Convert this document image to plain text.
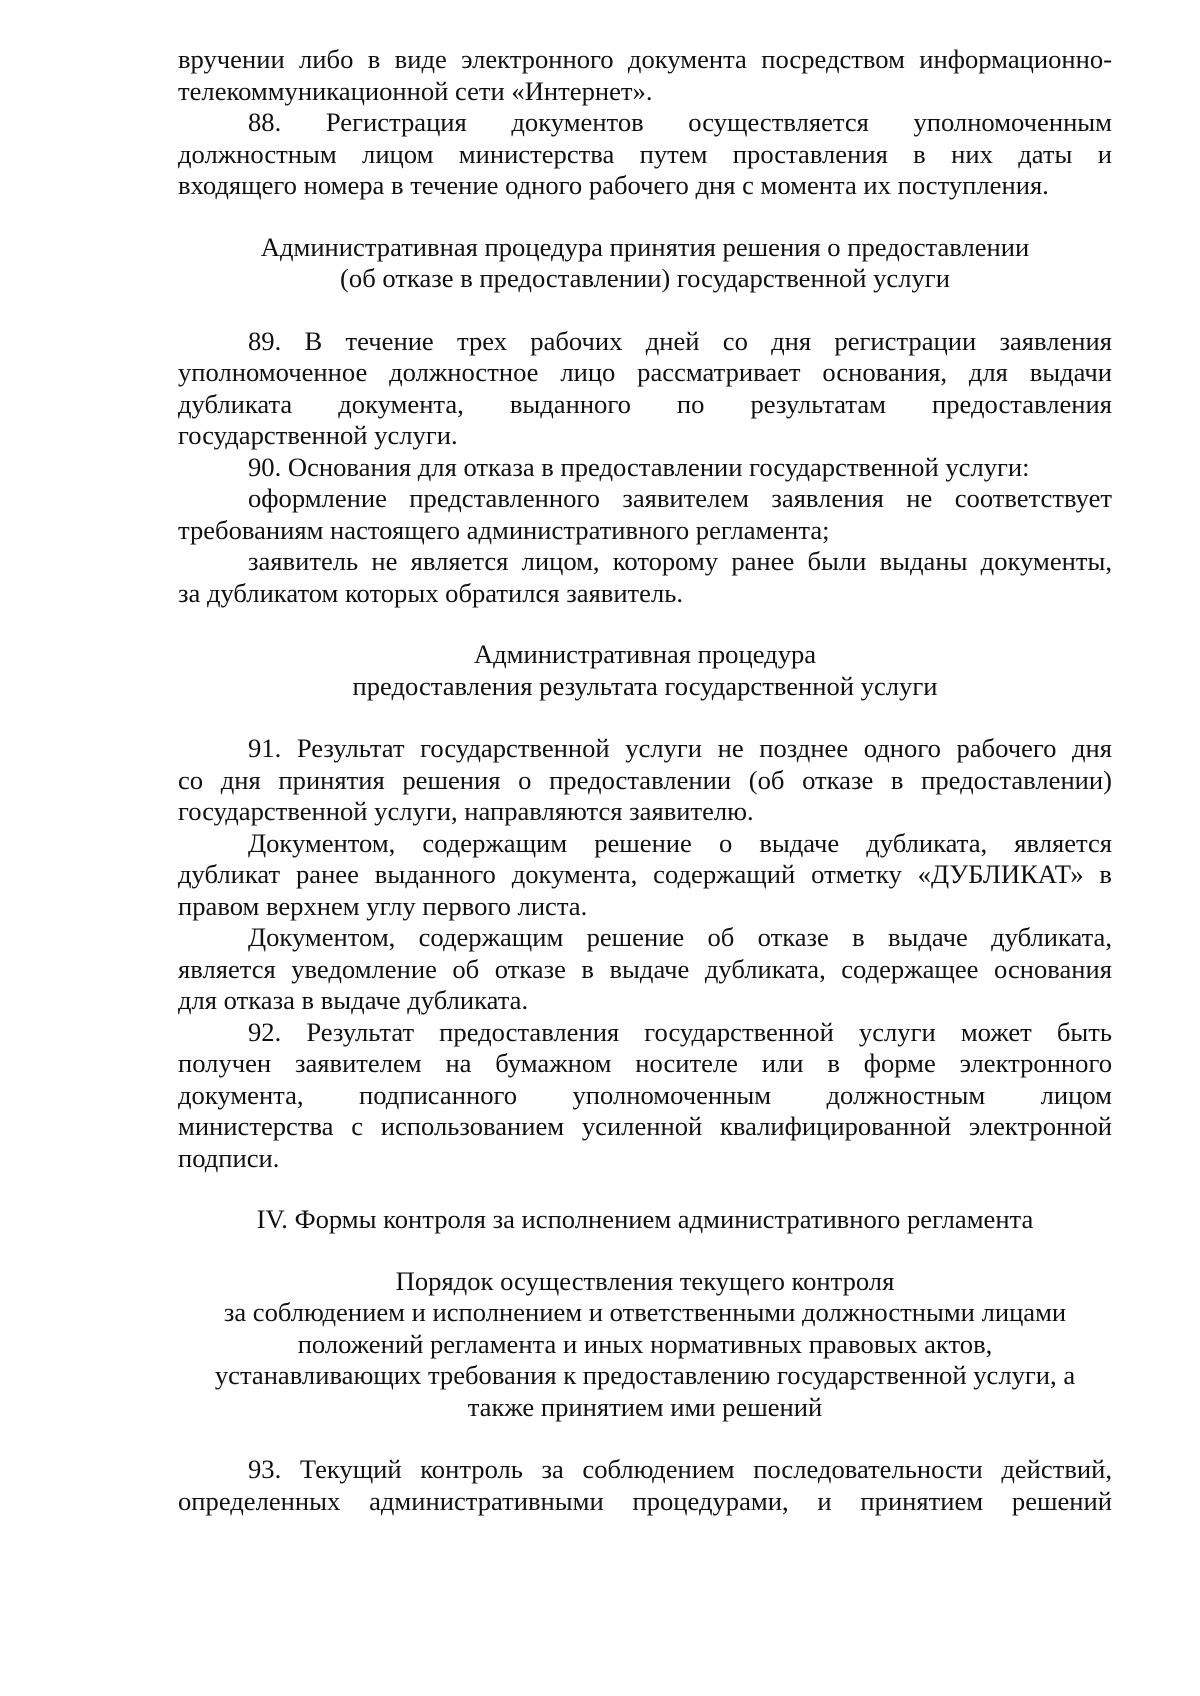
вручении либо в виде электронного документа посредством информационно-

телекоммуникационной сети «Интернет».

88. Регистрация документов осуществляется уполномоченным

должностным лицом министерства путем проставления в них даты и

входящего номера в течение одного рабочего дня с момента их поступления.

Административная процедура принятия решения о предоставлении

(об отказе в предоставлении) государственной услуги

89. В течение трех рабочих дней со дня регистрации заявления

уполномоченное должностное лицо рассматривает основания, для выдачи

дубликата документа, выданного по результатам предоставления

государственной услуги.

90. Основания для отказа в предоставлении государственной услуги:

оформление представленного заявителем заявления не соответствует

требованиям настоящего административного регламента;

заявитель не является лицом, которому ранее были выданы документы,

за дубликатом которых обратился заявитель.

Административная процедура

предоставления результата государственной услуги

91. Результат государственной услуги не позднее одного рабочего дня

со дня принятия решения о предоставлении (об отказе в предоставлении)

государственной услуги, направляются заявителю.

Документом, содержащим решение о выдаче дубликата, является

дубликат ранее выданного документа, содержащий отметку «ДУБЛИКАТ» в

правом верхнем углу первого листа.

Документом, содержащим решение об отказе в выдаче дубликата,

является уведомление об отказе в выдаче дубликата, содержащее основания

для отказа в выдаче дубликата.

92. Результат предоставления государственной услуги может быть

получен заявителем на бумажном носителе или в форме электронного

документа, подписанного уполномоченным должностным лицом

министерства с использованием усиленной квалифицированной электронной

подписи.

IV. Формы контроля за исполнением административного регламента

Порядок осуществления текущего контроля

за соблюдением и исполнением и ответственными должностными лицами

положений регламента и иных нормативных правовых актов,

устанавливающих требования к предоставлению государственной услуги, а

также принятием ими решений

93. Текущий контроль за соблюдением последовательности действий,

определенных административными процедурами, и принятием решений
